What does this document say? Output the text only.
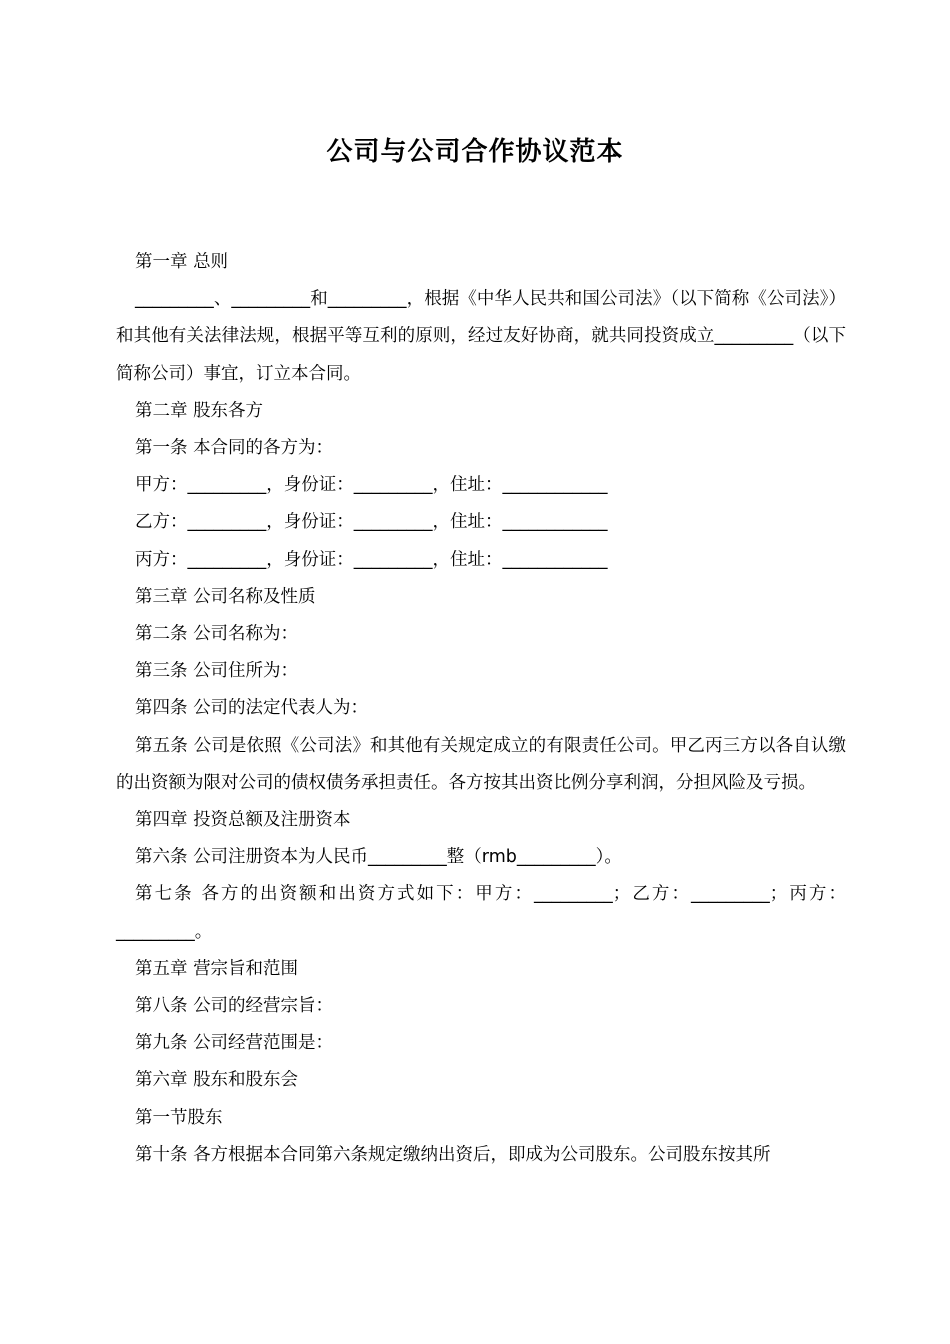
公司与公司合作协议范本

第一章 总则

_________、_________和_________，根据《中华人民共和国公司法》（以下简称《公司法》）和其他有关法律法规，根据平等互利的原则，经过友好协商，就共同投资成立_________（以下简称公司）事宜，订立本合同。

第二章 股东各方

第一条 本合同的各方为：

甲方：_________，身份证：_________，住址：____________

乙方：_________，身份证：_________，住址：____________

丙方：_________，身份证：_________，住址：____________

第三章 公司名称及性质

第二条 公司名称为：

第三条 公司住所为：

第四条 公司的法定代表人为：

第五条 公司是依照《公司法》和其他有关规定成立的有限责任公司。甲乙丙三方以各自认缴的出资额为限对公司的债权债务承担责任。各方按其出资比例分享利润，分担风险及亏损。

第四章 投资总额及注册资本

第六条 公司注册资本为人民币_________整（rmb_________）。

第七条 各方的出资额和出资方式如下：甲方：_________；乙方：_________；丙方：_________。

第五章 营宗旨和范围

第八条 公司的经营宗旨：

第九条 公司经营范围是：

第六章 股东和股东会

第一节股东

第十条 各方根据本合同第六条规定缴纳出资后，即成为公司股东。公司股东按其所
